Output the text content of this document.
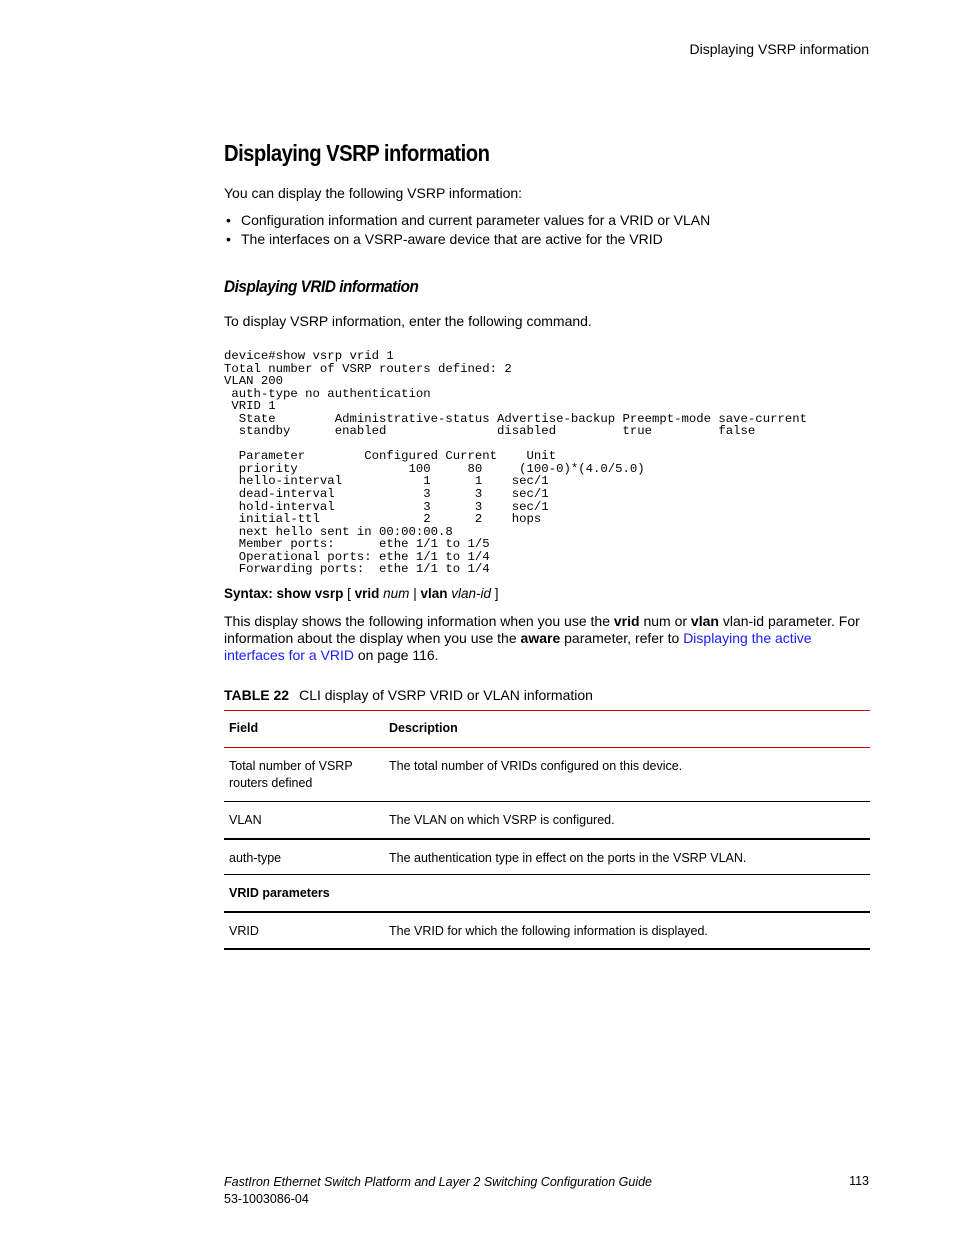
Displaying VSRP information
Displaying VSRP information
You can display the following VSRP information:
• Configuration information and current parameter values for a VRID or VLAN
• The interfaces on a VSRP-aware device that are active for the VRID
Displaying VRID information
To display VSRP information, enter the following command.
device#show vsrp vrid 1
Total number of VSRP routers defined: 2
VLAN 200
auth-type no authentication
VRID 1
State        Administrative-status Advertise-backup Preempt-mode save-current
standby      enabled               disabled         true         false

Parameter        Configured Current    Unit
priority               100     80     (100-0)*(4.0/5.0)
hello-interval           1      1    sec/1
dead-interval            3      3    sec/1
hold-interval            3      3    sec/1
initial-ttl              2      2    hops
next hello sent in 00:00:00.8
Member ports:      ethe 1/1 to 1/5
Operational ports: ethe 1/1 to 1/4
Forwarding ports:  ethe 1/1 to 1/4
Syntax: show vsrp [ vrid num | vlan vlan-id ]
This display shows the following information when you use the vrid num or vlan vlan-id parameter. For information about the display when you use the aware parameter, refer to Displaying the active interfaces for a VRID on page 116.
TABLE 22 CLI display of VSRP VRID or VLAN information
Field	Description
Total number of VSRP routers defined	The total number of VRIDs configured on this device.
VLAN	The VLAN on which VSRP is configured.
auth-type	The authentication type in effect on the ports in the VSRP VLAN.
VRID parameters	
VRID	The VRID for which the following information is displayed.
FastIron Ethernet Switch Platform and Layer 2 Switching Configuration Guide
53-1003086-04
113
